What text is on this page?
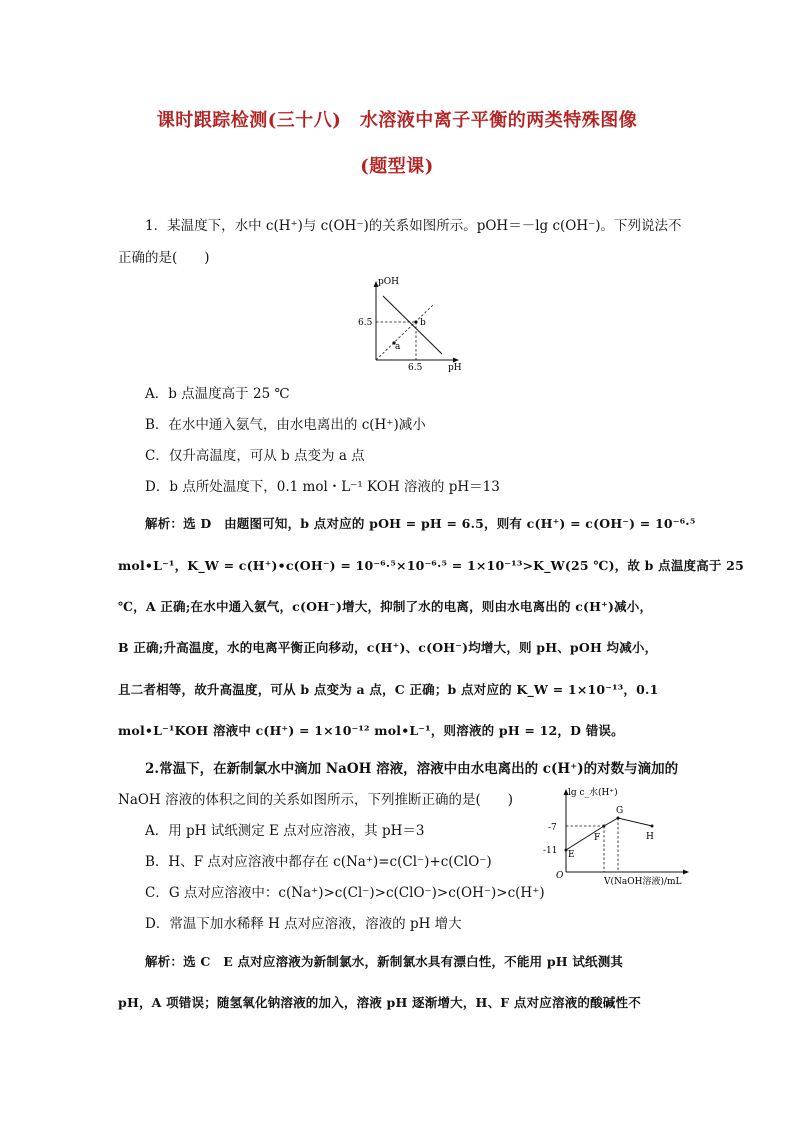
课时跟踪检测(三十八)　水溶液中离子平衡的两类特殊图像
(题型课)
1．某温度下，水中 c(H⁺)与 c(OH⁻)的关系如图所示。pOH＝－lg c(OH⁻)。下列说法不
正确的是(　　)
pOH
pH
b
a
6.5
6.5
A．b 点温度高于 25 ℃
B．在水中通入氨气，由水电离出的 c(H⁺)减小
C．仅升高温度，可从 b 点变为 a 点
D．b 点所处温度下，0.1 mol・L⁻¹ KOH 溶液的 pH＝13
解析：选 D　由题图可知，b 点对应的 pOH = pH = 6.5，则有 c(H⁺) = c(OH⁻) = 10⁻⁶·⁵
mol•L⁻¹，K_W = c(H⁺)•c(OH⁻) = 10⁻⁶·⁵×10⁻⁶·⁵ = 1×10⁻¹³>K_W(25 ℃)，故 b 点温度高于 25
℃，A 正确;在水中通入氨气，c(OH⁻)增大，抑制了水的电离，则由水电离出的 c(H⁺)减小，
B 正确;升高温度，水的电离平衡正向移动，c(H⁺)、c(OH⁻)均增大，则 pH、pOH 均减小，
且二者相等，故升高温度，可从 b 点变为 a 点，C 正确；b 点对应的 K_W = 1×10⁻¹³，0.1
mol•L⁻¹KOH 溶液中 c(H⁺) = 1×10⁻¹² mol•L⁻¹，则溶液的 pH = 12，D 错误。
2.常温下，在新制氯水中滴加 NaOH 溶液，溶液中由水电离出的 c(H⁺)的对数与滴加的
NaOH 溶液的体积之间的关系如图所示，下列推断正确的是(　　)	lg c_水(H⁺)
O
V(NaOH溶液)/mL
-7
-11 E
F
G
H
A．用 pH 试纸测定 E 点对应溶液，其 pH＝3
B．H、F 点对应溶液中都存在 c(Na⁺)=c(Cl⁻)+c(ClO⁻)
C．G 点对应溶液中：c(Na⁺)>c(Cl⁻)>c(ClO⁻)>c(OH⁻)>c(H⁺)
D．常温下加水稀释 H 点对应溶液，溶液的 pH 增大
解析：选 C　E 点对应溶液为新制氯水，新制氯水具有漂白性，不能用 pH 试纸测其
pH，A 项错误；随氢氧化钠溶液的加入，溶液 pH 逐渐增大，H、F 点对应溶液的酸碱性不
